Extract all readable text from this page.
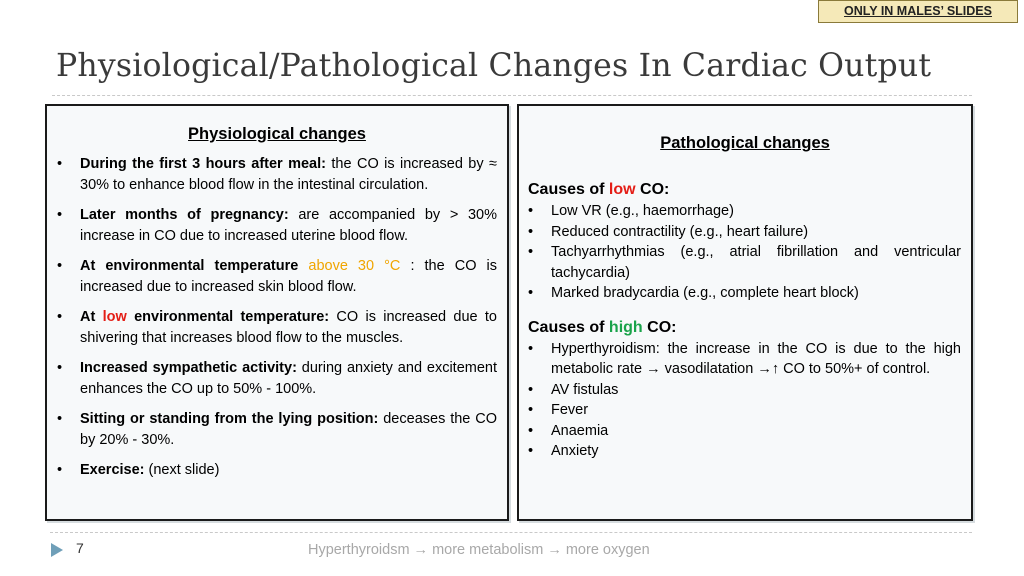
ONLY IN MALES’ SLIDES
Physiological/Pathological Changes In Cardiac Output
Physiological changes
• During the first 3 hours after meal: the CO is increased by ≈ 30% to enhance blood flow in the intestinal circulation.
• Later months of pregnancy: are accompanied by > 30% increase in CO due to increased uterine blood flow.
• At environmental temperature above 30 °C : the CO is increased due to increased skin blood flow.
• At low environmental temperature: CO is increased due to shivering that increases blood flow to the muscles.
• Increased sympathetic activity: during anxiety and excitement enhances the CO up to 50% - 100%.
• Sitting or standing from the lying position: deceases the CO by 20% - 30%.
• Exercise: (next slide)
Pathological changes
Causes of low CO:
• Low VR (e.g., haemorrhage)
• Reduced contractility (e.g., heart failure)
• Tachyarrhythmias (e.g., atrial fibrillation and ventricular tachycardia)
• Marked bradycardia (e.g., complete heart block)
Causes of high CO:
• Hyperthyroidism: the increase in the CO is due to the high metabolic rate → vasodilatation →↑ CO to 50%+ of control.
• AV fistulas
• Fever
• Anaemia
• Anxiety
7	Hyperthyroidsm → more metabolism → more oxygen
